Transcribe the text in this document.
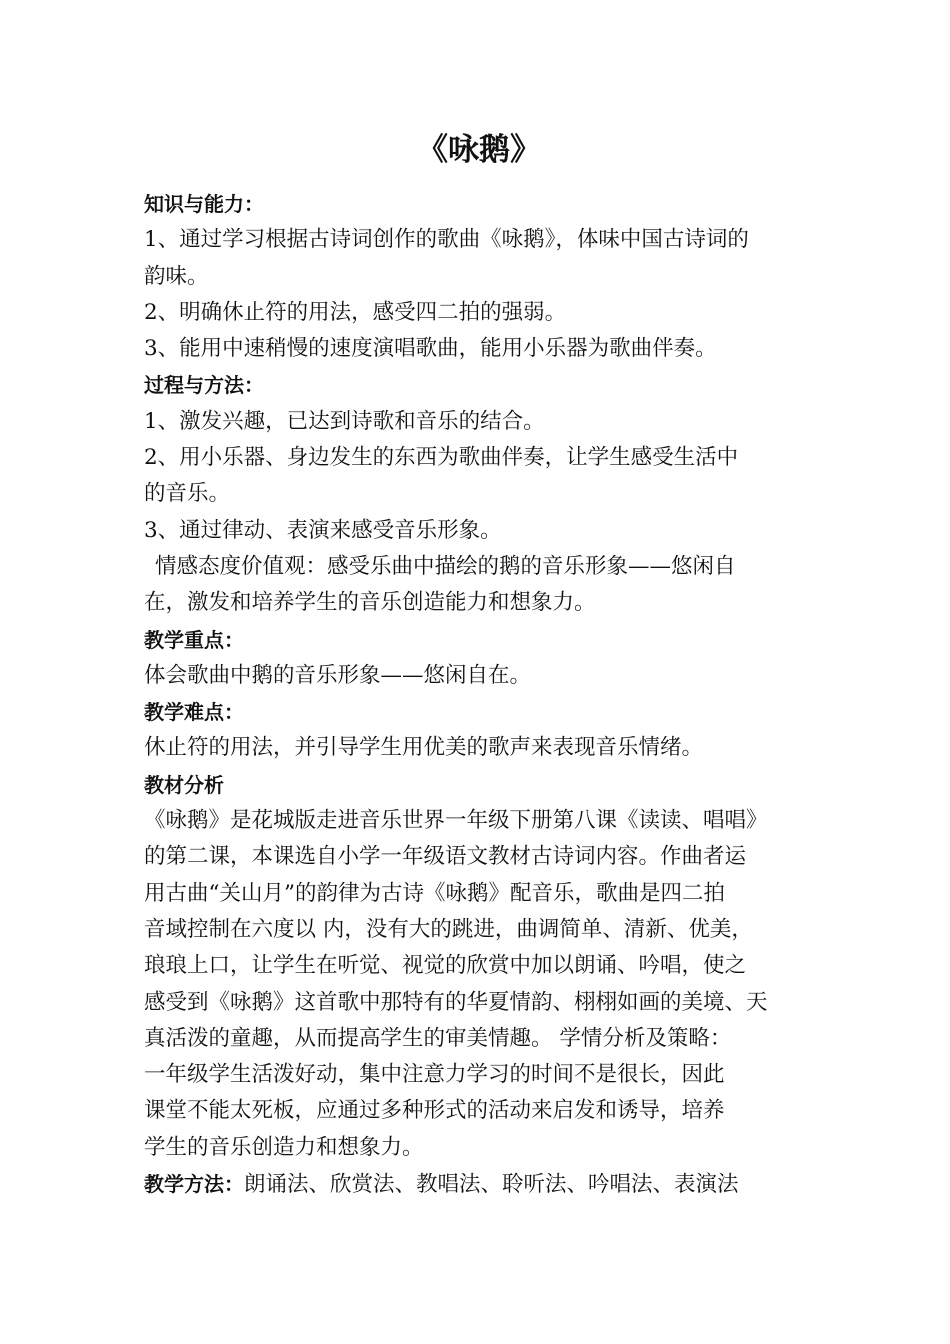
《咏鹅》
知识与能力：
1、通过学习根据古诗词创作的歌曲《咏鹅》，体味中国古诗词的
韵味。
2、明确休止符的用法，感受四二拍的强弱。
3、能用中速稍慢的速度演唱歌曲，能用小乐器为歌曲伴奏。
过程与方法：
1、激发兴趣，已达到诗歌和音乐的结合。
2、用小乐器、身边发生的东西为歌曲伴奏，让学生感受生活中
的音乐。
3、通过律动、表演来感受音乐形象。
情感态度价值观：感受乐曲中描绘的鹅的音乐形象——悠闲自
在，激发和培养学生的音乐创造能力和想象力。
教学重点：
体会歌曲中鹅的音乐形象——悠闲自在。
教学难点：
休止符的用法，并引导学生用优美的歌声来表现音乐情绪。
教材分析
《咏鹅》是花城版走进音乐世界一年级下册第八课《读读、唱唱》
的第二课，本课选自小学一年级语文教材古诗词内容。作曲者运
用古曲“关山月”的韵律为古诗《咏鹅》配音乐，歌曲是四二拍
音域控制在六度以 内，没有大的跳进，曲调简单、清新、优美，
琅琅上口，让学生在听觉、视觉的欣赏中加以朗诵、吟唱，使之
感受到《咏鹅》这首歌中那特有的华夏情韵、栩栩如画的美境、天
真活泼的童趣，从而提高学生的审美情趣。 学情分析及策略：
一年级学生活泼好动，集中注意力学习的时间不是很长，因此
课堂不能太死板，应通过多种形式的活动来启发和诱导，培养
学生的音乐创造力和想象力。
教学方法：朗诵法、欣赏法、教唱法、聆听法、吟唱法、表演法
